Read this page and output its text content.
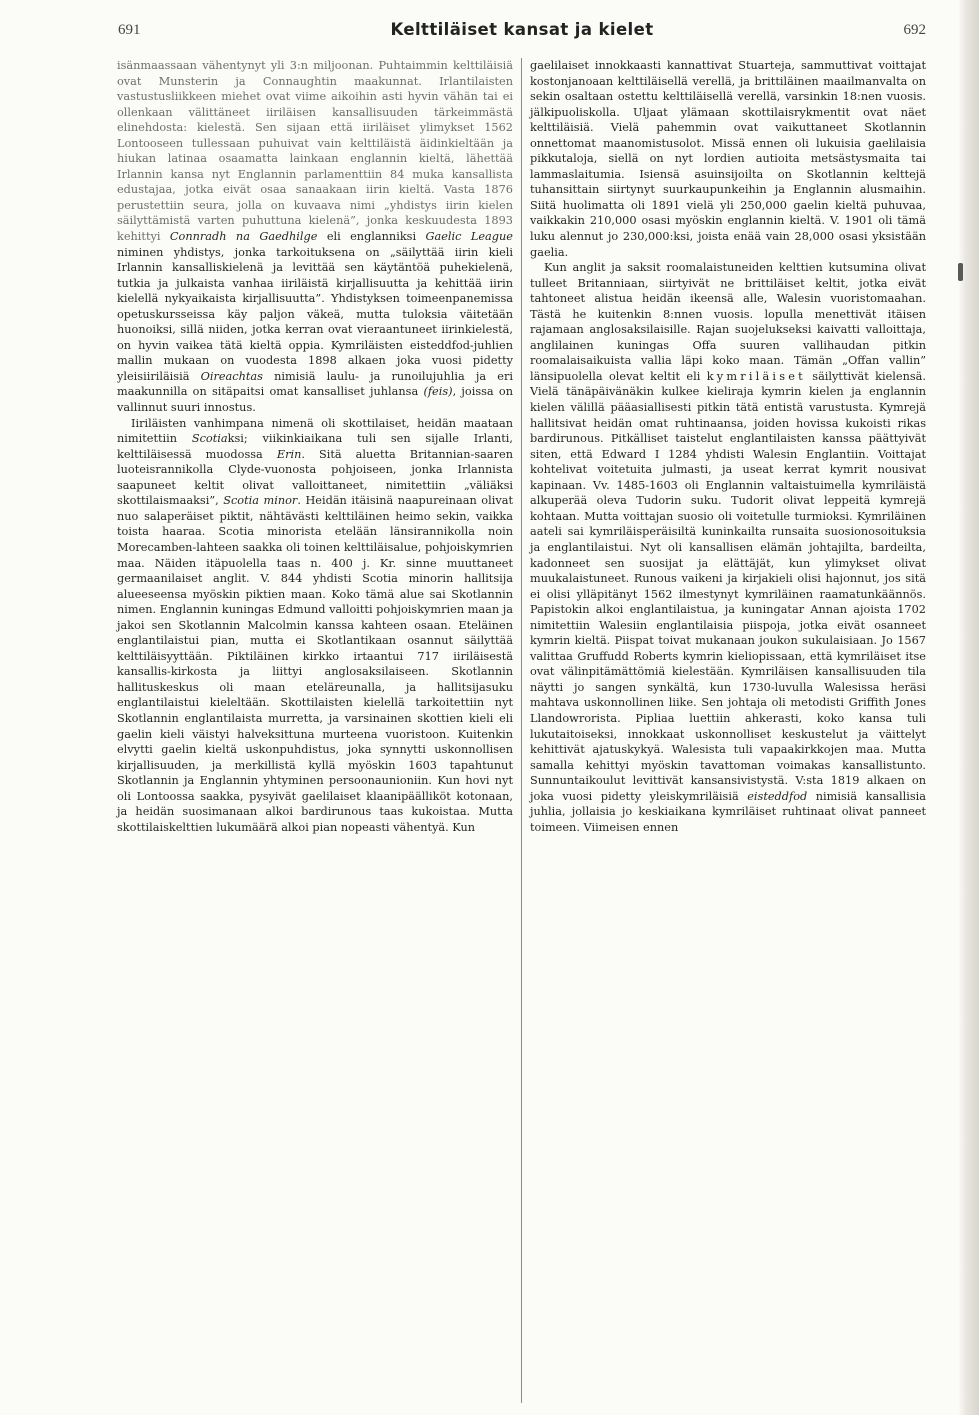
691	Kelttiläiset kansat ja kielet	692

isänmaassaan vähentynyt yli 3:n miljoonan. Puhtaimmin kelttiläisiä ovat Munsterin ja Connaughtin maakunnat. Irlantilaisten vastustusliikkeen miehet ovat viime aikoihin asti hyvin vähän tai ei ollenkaan välittäneet iiriläisen kansallisuuden tärkeimmästä elinehdosta: kielestä. Sen sijaan että iiriläiset ylimykset 1562 Lontooseen tullessaan puhuivat vain kelttiläistä äidinkieltään ja hiukan latinaa osaamatta lainkaan englannin kieltä, lähettää Irlannin kansa nyt Englannin parlamenttiin 84 muka kansallista edustajaa, jotka eivät osaa sanaakaan iirin kieltä. Vasta 1876 perustettiin seura, jolla on kuvaava nimi „yhdistys iirin kielen säilyttämistä varten puhuttuna kielenä”, jonka keskuudesta 1893 kehittyi Connradh na Gaedhilge eli englanniksi Gaelic League niminen yhdistys, jonka tarkoituksena on „säilyttää iirin kieli Irlannin kansalliskielenä ja levittää sen käytäntöä puhekielenä, tutkia ja julkaista vanhaa iiriläistä kirjallisuutta ja kehittää iirin kielellä nykyaikaista kirjallisuutta”. Yhdistyksen toimeenpanemissa opetuskursseissa käy paljon väkeä, mutta tuloksia väitetään huonoiksi, sillä niiden, jotka kerran ovat vieraantuneet iirinkielestä, on hyvin vaikea tätä kieltä oppia. Kymriläisten eisteddfod-juhlien mallin mukaan on vuodesta 1898 alkaen joka vuosi pidetty yleisiiriläisiä Oireachtas nimisiä laulu- ja runoilujuhlia ja eri maakunnilla on sitäpaitsi omat kansalliset juhlansa (feis), joissa on vallinnut suuri innostus.

Iiriläisten vanhimpana nimenä oli skottilaiset, heidän maataan nimitettiin Scotiaksi; viikinkiaikana tuli sen sijalle Irlanti, kelttiläisessä muodossa Erin. Sitä aluetta Britannian-saaren luoteisrannikolla Clyde-vuonosta pohjoiseen, jonka Irlannista saapuneet keltit olivat valloittaneet, nimitettiin „väliäksi skottilaismaaksi”, Scotia minor. Heidän itäisinä naapureinaan olivat nuo salaperäiset piktit, nähtävästi kelttiläinen heimo sekin, vaikka toista haaraa. Scotia minorista etelään länsirannikolla noin Morecamben-lahteen saakka oli toinen kelttiläisalue, pohjoiskymrien maa. Näiden itäpuolella taas n. 400 j. Kr. sinne muuttaneet germaanilaiset anglit. V. 844 yhdisti Scotia minorin hallitsija alueeseensa myöskin piktien maan. Koko tämä alue sai Skotlannin nimen. Englannin kuningas Edmund valloitti pohjoiskymrien maan ja jakoi sen Skotlannin Malcolmin kanssa kahteen osaan. Eteläinen englantilaistui pian, mutta ei Skotlantikaan osannut säilyttää kelttiläisyyttään. Piktiläinen kirkko irtaantui 717 iiriläisestä kansallis-kirkosta ja liittyi anglosaksilaiseen. Skotlannin hallituskeskus oli maan eteläreunalla, ja hallitsijasuku englantilaistui kieleltään. Skottilaisten kielellä tarkoitettiin nyt Skotlannin englantilaista murretta, ja varsinainen skottien kieli eli gaelin kieli väistyi halveksittuna murteena vuoristoon. Kuitenkin elvytti gaelin kieltä uskonpuhdistus, joka synnytti uskonnollisen kirjallisuuden, ja merkillistä kyllä myöskin 1603 tapahtunut Skotlannin ja Englannin yhtyminen persoonaunioniin. Kun hovi nyt oli Lontoossa saakka, pysyivät gaelilaiset klaanipäälliköt kotonaan, ja heidän suosimanaan alkoi bardirunous taas kukoistaa. Mutta skottilaiskelttien lukumäärä alkoi pian nopeasti vähentyä. Kun

gaelilaiset innokkaasti kannattivat Stuarteja, sammuttivat voittajat kostonjanoaan kelttiläisellä verellä, ja brittiläinen maailmanvalta on sekin osaltaan ostettu kelttiläisellä verellä, varsinkin 18:nen vuosis. jälkipuoliskolla. Uljaat ylämaan skottilaisrykmentit ovat näet kelttiläisiä. Vielä pahemmin ovat vaikuttaneet Skotlannin onnettomat maanomistusolot. Missä ennen oli lukuisia gaelilaisia pikkutaloja, siellä on nyt lordien autioita metsästysmaita tai lammaslaitumia. Isiensä asuinsijoilta on Skotlannin kelttejä tuhansittain siirtynyt suurkaupunkeihin ja Englannin alusmaihin. Siitä huolimatta oli 1891 vielä yli 250,000 gaelin kieltä puhuvaa, vaikkakin 210,000 osasi myöskin englannin kieltä. V. 1901 oli tämä luku alennut jo 230,000:ksi, joista enää vain 28,000 osasi yksistään gaelia.

Kun anglit ja saksit roomalaistuneiden kelttien kutsumina olivat tulleet Britanniaan, siirtyivät ne brittiläiset keltit, jotka eivät tahtoneet alistua heidän ikeensä alle, Walesin vuoristomaahan. Tästä he kuitenkin 8:nnen vuosis. lopulla menettivät itäisen rajamaan anglosaksilaisille. Rajan suojelukseksi kaivatti valloittaja, anglilainen kuningas Offa suuren vallihaudan pitkin roomalaisaikuista vallia läpi koko maan. Tämän „Offan vallin” länsipuolella olevat keltit eli kymriläiset säilyttivät kielensä. Vielä tänäpäivänäkin kulkee kieliraja kymrin kielen ja englannin kielen välillä pääasiallisesti pitkin tätä entistä varustusta. Kymrejä hallitsivat heidän omat ruhtinaansa, joiden hovissa kukoisti rikas bardirunous. Pitkälliset taistelut englantilaisten kanssa päättyivät siten, että Edward I 1284 yhdisti Walesin Englantiin. Voittajat kohtelivat voitetuita julmasti, ja useat kerrat kymrit nousivat kapinaan. Vv. 1485-1603 oli Englannin valtaistuimella kymriläistä alkuperää oleva Tudorin suku. Tudorit olivat leppeitä kymrejä kohtaan. Mutta voittajan suosio oli voitetulle turmioksi. Kymriläinen aateli sai kymriläisperäisiltä kuninkailta runsaita suosionosoituksia ja englantilaistui. Nyt oli kansallisen elämän johtajilta, bardeilta, kadonneet sen suosijat ja elättäjät, kun ylimykset olivat muukalaistuneet. Runous vaikeni ja kirjakieli olisi hajonnut, jos sitä ei olisi ylläpitänyt 1562 ilmestynyt kymriläinen raamatunkäännös. Papistokin alkoi englantilaistua, ja kuningatar Annan ajoista 1702 nimitettiin Walesiin englantilaisia piispoja, jotka eivät osanneet kymrin kieltä. Piispat toivat mukanaan joukon sukulaisiaan. Jo 1567 valittaa Gruffudd Roberts kymrin kieliopissaan, että kymriläiset itse ovat välinpitämättömiä kielestään. Kymriläisen kansallisuuden tila näytti jo sangen synkältä, kun 1730-luvulla Walesissa heräsi mahtava uskonnollinen liike. Sen johtaja oli metodisti Griffith Jones Llandowrorista. Pipliaa luettiin ahkerasti, koko kansa tuli lukutaitoiseksi, innokkaat uskonnolliset keskustelut ja väittelyt kehittivät ajatuskykyä. Walesista tuli vapaakirkkojen maa. Mutta samalla kehittyi myöskin tavattoman voimakas kansallistunto. Sunnuntaikoulut levittivät kansansivistystä. V:sta 1819 alkaen on joka vuosi pidetty yleiskymriläisiä eisteddfod nimisiä kansallisia juhlia, jollaisia jo keskiaikana kymriläiset ruhtinaat olivat panneet toimeen. Viimeisen ennen
